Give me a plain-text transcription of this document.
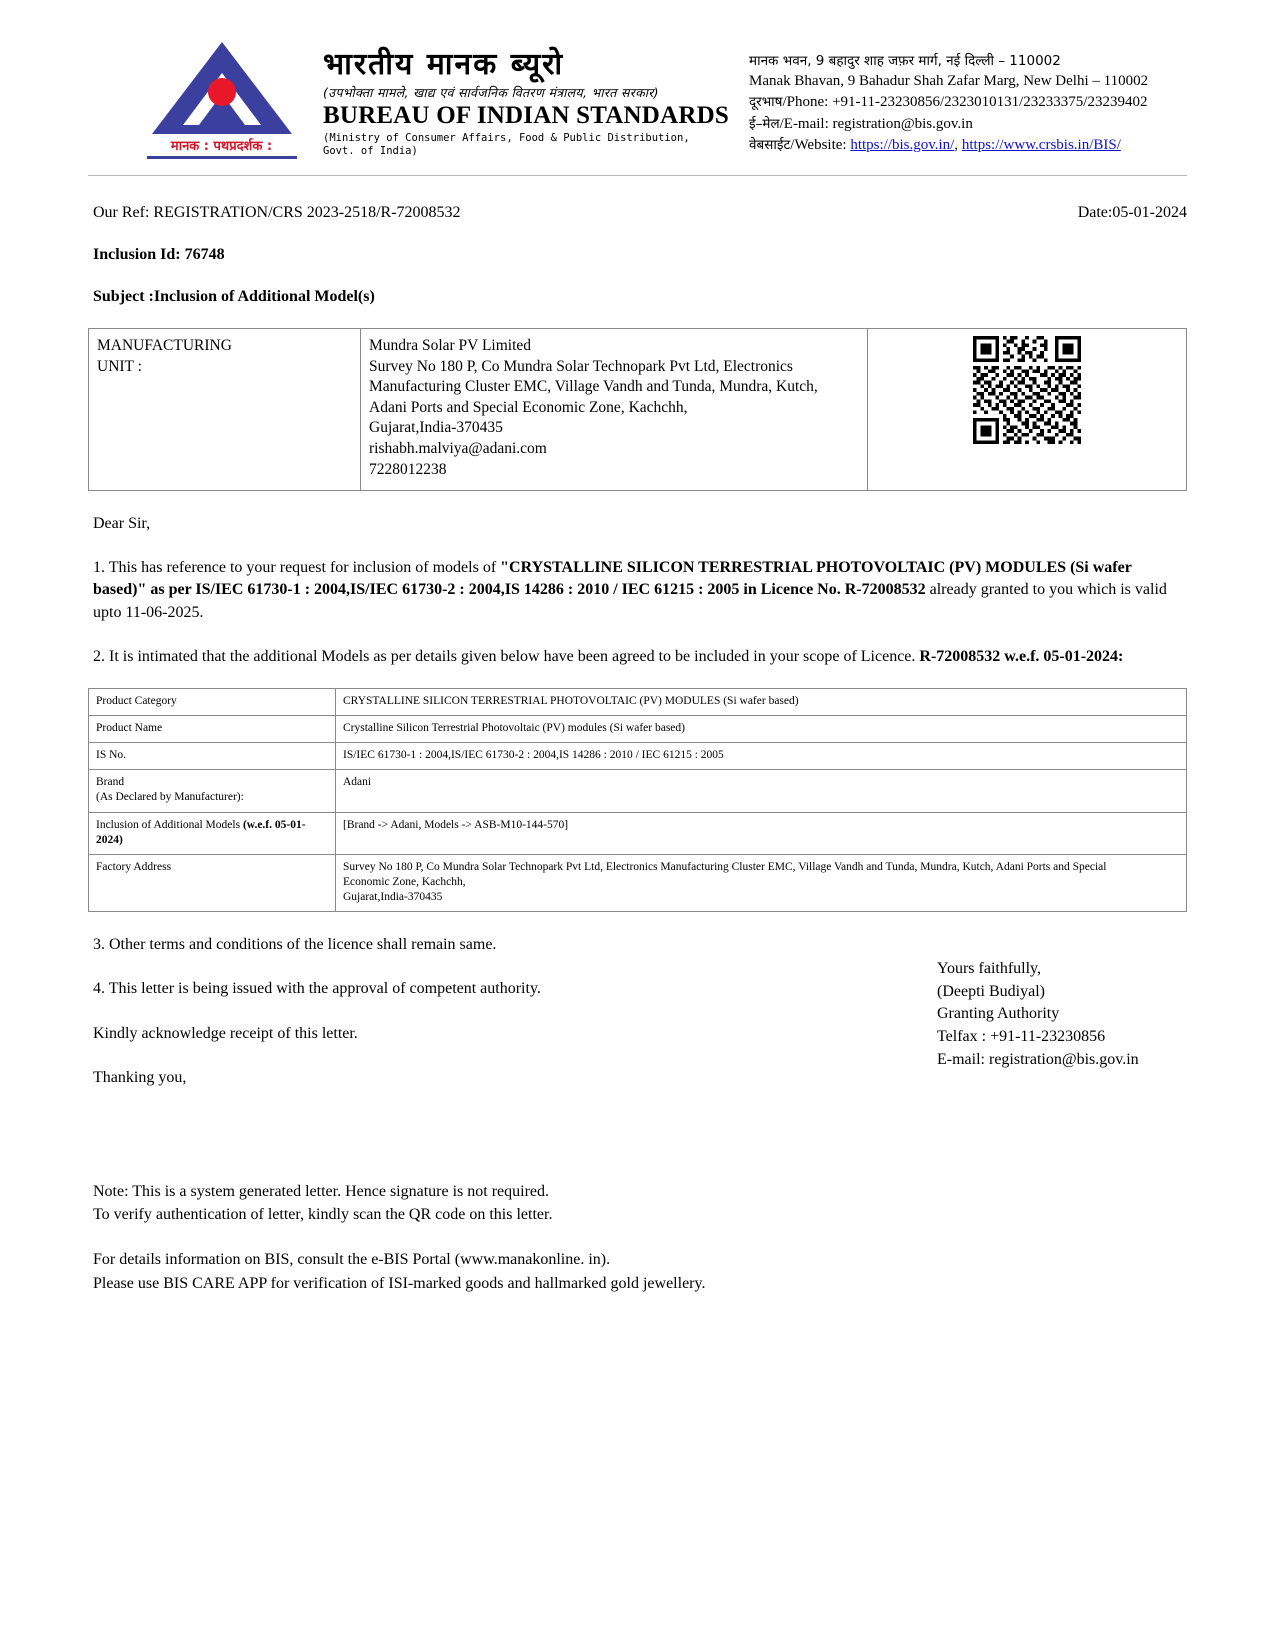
मानक : पथप्रदर्शक :
भारतीय मानक ब्यूरो
(उपभोक्ता मामले, खाद्य एवं सार्वजनिक वितरण मंत्रालय, भारत सरकार)
BUREAU OF INDIAN STANDARDS
(Ministry of Consumer Affairs, Food & Public Distribution,
Govt. of India)
मानक भवन, 9 बहादुर शाह जफ़र मार्ग, नई दिल्ली – 110002
Manak Bhavan, 9 Bahadur Shah Zafar Marg, New Delhi – 110002
दूरभाष/Phone: +91-11-23230856/2323010131/23233375/23239402
ई–मेल/E-mail: registration@bis.gov.in
वेबसाईट/Website: https://bis.gov.in/, https://www.crsbis.in/BIS/
Our Ref: REGISTRATION/CRS 2023-2518/R-72008532	Date:05-01-2024
Inclusion Id: 76748
Subject :Inclusion of Additional Model(s)
MANUFACTURING
UNIT :

Mundra Solar PV Limited
Survey No 180 P, Co Mundra Solar Technopark Pvt Ltd, Electronics
Manufacturing Cluster EMC, Village Vandh and Tunda, Mundra, Kutch,
Adani Ports and Special Economic Zone, Kachchh,
Gujarat,India-370435
rishabh.malviya@adani.com
7228012238

Dear Sir,
1. This has reference to your request for inclusion of models of "CRYSTALLINE SILICON TERRESTRIAL PHOTOVOLTAIC (PV) MODULES (Si wafer based)" as per IS/IEC 61730-1 : 2004,IS/IEC 61730-2 : 2004,IS 14286 : 2010 / IEC 61215 : 2005 in Licence No. R-72008532 already granted to you which is valid upto 11-06-2025.
2. It is intimated that the additional Models as per details given below have been agreed to be included in your scope of Licence. R-72008532 w.e.f. 05-01-2024:
Product Category	CRYSTALLINE SILICON TERRESTRIAL PHOTOVOLTAIC (PV) MODULES (Si wafer based)
Product Name	Crystalline Silicon Terrestrial Photovoltaic (PV) modules (Si wafer based)
IS No.	IS/IEC 61730-1 : 2004,IS/IEC 61730-2 : 2004,IS 14286 : 2010 / IEC 61215 : 2005

Brand
(As Declared by Manufacturer):	Adani
Inclusion of Additional Models (w.e.f. 05-01-2024)	[Brand -> Adani, Models -> ASB-M10-144-570]
Factory Address	Survey No 180 P, Co Mundra Solar Technopark Pvt Ltd, Electronics Manufacturing Cluster EMC, Village Vandh and Tunda, Mundra, Kutch, Adani Ports and Special
Economic Zone, Kachchh,
Gujarat,India-370435
3. Other terms and conditions of the licence shall remain same.
4. This letter is being issued with the approval of competent authority.
Kindly acknowledge receipt of this letter.
Thanking you,
Yours faithfully,
(Deepti Budiyal)
Granting Authority
Telfax : +91-11-23230856
E-mail: registration@bis.gov.in
Note: This is a system generated letter. Hence signature is not required.
To verify authentication of letter, kindly scan the QR code on this letter.
For details information on BIS, consult the e-BIS Portal (www.manakonline. in).
Please use BIS CARE APP for verification of ISI-marked goods and hallmarked gold jewellery.
